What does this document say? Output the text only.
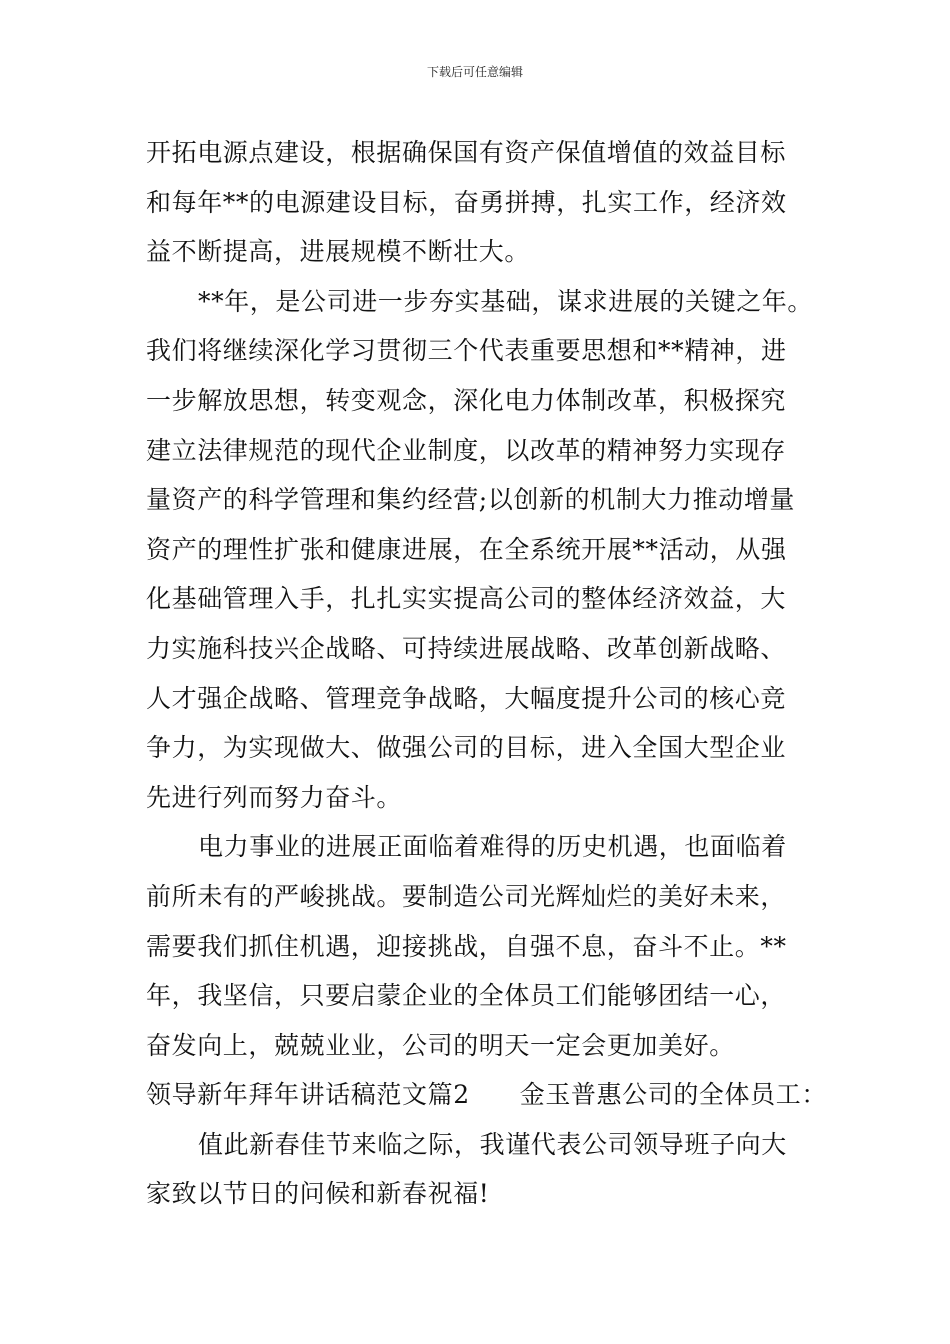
下载后可任意编辑
开拓电源点建设，根据确保国有资产保值增值的效益目标
和每年**的电源建设目标，奋勇拼搏，扎实工作，经济效
益不断提高，进展规模不断壮大。
**年，是公司进一步夯实基础，谋求进展的关键之年。
我们将继续深化学习贯彻三个代表重要思想和**精神，进
一步解放思想，转变观念，深化电力体制改革，积极探究
建立法律规范的现代企业制度，以改革的精神努力实现存
量资产的科学管理和集约经营;以创新的机制大力推动增量
资产的理性扩张和健康进展，在全系统开展**活动，从强
化基础管理入手，扎扎实实提高公司的整体经济效益，大
力实施科技兴企战略、可持续进展战略、改革创新战略、
人才强企战略、管理竞争战略，大幅度提升公司的核心竞
争力，为实现做大、做强公司的目标，进入全国大型企业
先进行列而努力奋斗。
电力事业的进展正面临着难得的历史机遇，也面临着
前所未有的严峻挑战。要制造公司光辉灿烂的美好未来，
需要我们抓住机遇，迎接挑战，自强不息，奋斗不止。**
年，我坚信，只要启蒙企业的全体员工们能够团结一心，
奋发向上，兢兢业业，公司的明天一定会更加美好。
领导新年拜年讲话稿范文篇2 金玉普惠公司的全体员工：
值此新春佳节来临之际，我谨代表公司领导班子向大
家致以节日的问候和新春祝福!
